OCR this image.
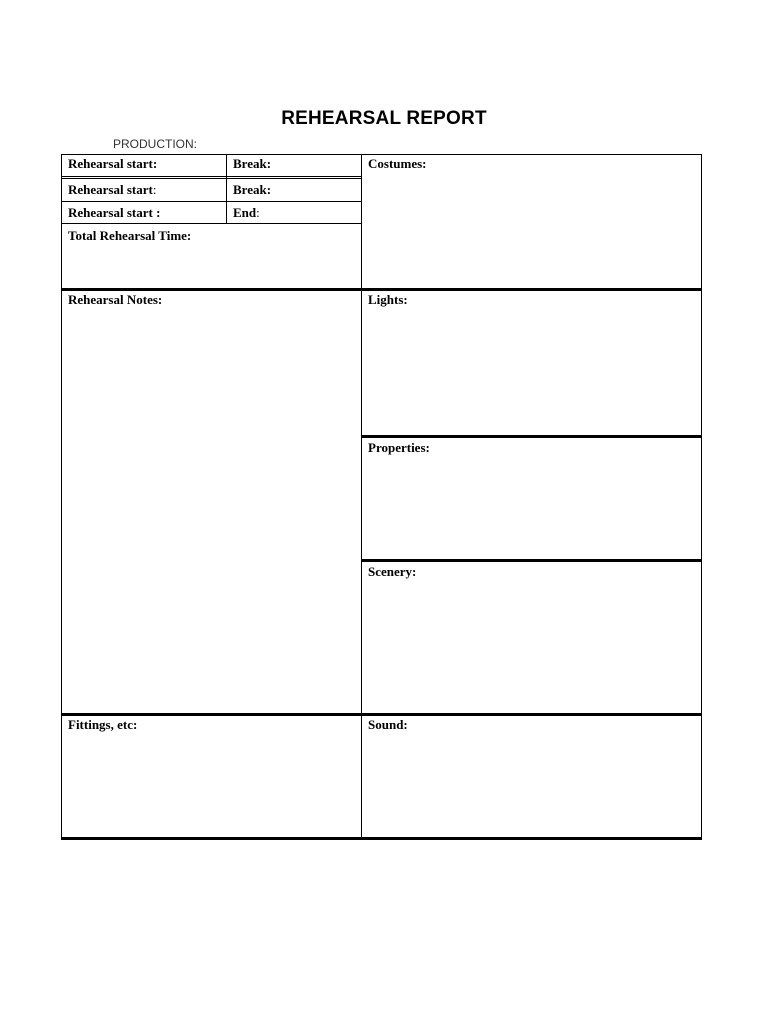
REHEARSAL REPORT
PRODUCTION:
Rehearsal start:	Break:
Rehearsal start:	Break:
Rehearsal start :	End:
Total Rehearsal Time:
Costumes:
Rehearsal Notes:	Lights:
Properties:
Scenery:
Fittings, etc:	Sound:
